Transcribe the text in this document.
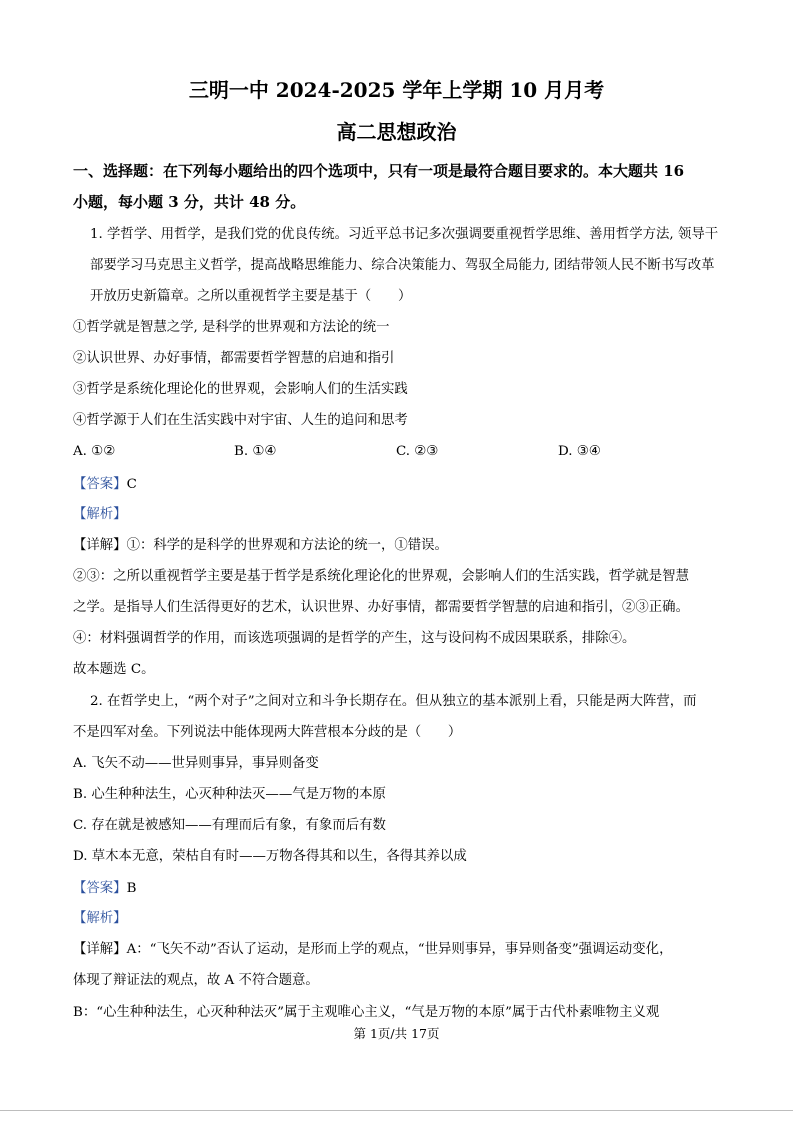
三明一中 2024-2025 学年上学期 10 月月考
高二思想政治
一、选择题：在下列每小题给出的四个选项中，只有一项是最符合题目要求的。本大题共 16
小题，每小题 3 分，共计 48 分。
1. 学哲学、用哲学，是我们党的优良传统。习近平总书记多次强调要重视哲学思维、善用哲学方法, 领导干
部要学习马克思主义哲学，提高战略思维能力、综合决策能力、驾驭全局能力, 团结带领人民不断书写改革
开放历史新篇章。之所以重视哲学主要是基于（　　）
①哲学就是智慧之学, 是科学的世界观和方法论的统一
②认识世界、办好事情，都需要哲学智慧的启迪和指引
③哲学是系统化理论化的世界观，会影响人们的生活实践
④哲学源于人们在生活实践中对宇宙、人生的追问和思考
A. ①②	B. ①④	C. ②③	D. ③④
【答案】C
【解析】
【详解】①：科学的是科学的世界观和方法论的统一，①错误。
②③：之所以重视哲学主要是基于哲学是系统化理论化的世界观，会影响人们的生活实践，哲学就是智慧
之学。是指导人们生活得更好的艺术，认识世界、办好事情，都需要哲学智慧的启迪和指引，②③正确。
④：材料强调哲学的作用，而该选项强调的是哲学的产生，这与设问构不成因果联系，排除④。
故本题选 C。
2. 在哲学史上，“两个对子”之间对立和斗争长期存在。但从独立的基本派别上看，只能是两大阵营，而
不是四军对垒。下列说法中能体现两大阵营根本分歧的是（　　）
A. 飞矢不动——世异则事异，事异则备变
B. 心生种种法生，心灭种种法灭——气是万物的本原
C. 存在就是被感知——有理而后有象，有象而后有数
D. 草木本无意，荣枯自有时——万物各得其和以生，各得其养以成
【答案】B
【解析】
【详解】A：“飞矢不动”否认了运动，是形而上学的观点，“世异则事异，事异则备变”强调运动变化，
体现了辩证法的观点，故 A 不符合题意。
B：“心生种种法生，心灭种种法灭”属于主观唯心主义，“气是万物的本原”属于古代朴素唯物主义观
第 1页/共 17页
